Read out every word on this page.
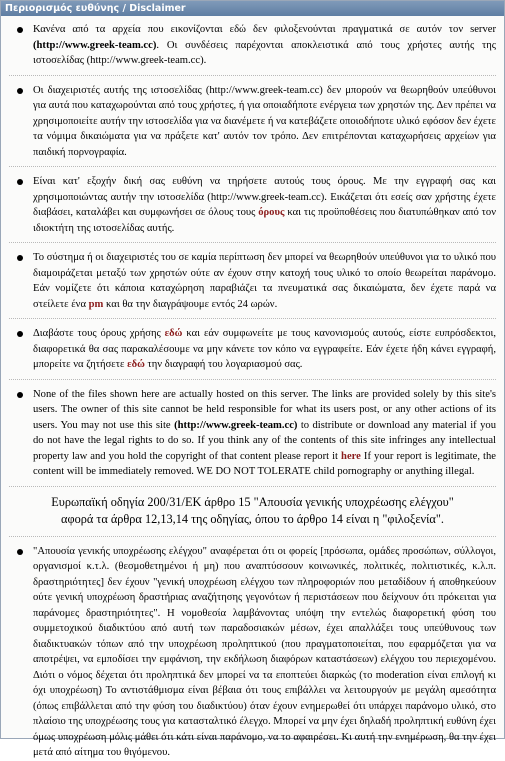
Περιορισμός ευθύνης / Disclaimer
Κανένα από τα αρχεία που εικονίζονται εδώ δεν φιλοξενούνται πραγματικά σε αυτόν τον server (http://www.greek-team.cc). Οι συνδέσεις παρέχονται αποκλειστικά από τους χρήστες αυτής της ιστοσελίδας (http://www.greek-team.cc).
Οι διαχειριστές αυτής της ιστοσελίδας (http://www.greek-team.cc) δεν μπορούν να θεωρηθούν υπεύθυνοι για αυτά που καταχωρούνται από τους χρήστες, ή για οποιαδήποτε ενέργεια των χρηστών της. Δεν πρέπει να χρησιμοποιείτε αυτήν την ιστοσελίδα για να διανέμετε ή να κατεβάζετε οποιοδήποτε υλικό εφόσον δεν έχετε τα νόμιμα δικαιώματα για να πράξετε κατ' αυτόν τον τρόπο. Δεν επιτρέπονται καταχωρήσεις αρχείων για παιδική πορνογραφία.
Είναι κατ' εξοχήν δική σας ευθύνη να τηρήσετε αυτούς τους όρους. Με την εγγραφή σας και χρησιμοποιώντας αυτήν την ιστοσελίδα (http://www.greek-team.cc). Εικάζεται ότι εσείς σαν χρήστης έχετε διαβάσει, καταλάβει και συμφωνήσει σε όλους τους όρους και τις προϋποθέσεις που διατυπώθηκαν από τον ιδιοκτήτη της ιστοσελίδας αυτής.
Το σύστημα ή οι διαχειριστές του σε καμία περίπτωση δεν μπορεί να θεωρηθούν υπεύθυνοι για το υλικό που διαμοιράζεται μεταξύ των χρηστών ούτε αν έχουν στην κατοχή τους υλικό το οποίο θεωρείται παράνομο. Εάν νομίζετε ότι κάποια καταχώρηση παραβιάζει τα πνευματικά σας δικαιώματα, δεν έχετε παρά να στείλετε ένα pm και θα την διαγράψουμε εντός 24 ωρών.
Διαβάστε τους όρους χρήσης εδώ και εάν συμφωνείτε με τους κανονισμούς αυτούς, είστε ευπρόσδεκτοι, διαφορετικά θα σας παρακαλέσουμε να μην κάνετε τον κόπο να εγγραφείτε. Εάν έχετε ήδη κάνει εγγραφή, μπορείτε να ζητήσετε εδώ την διαγραφή του λογαριασμού σας.
None of the files shown here are actually hosted on this server. The links are provided solely by this site's users. The owner of this site cannot be held responsible for what its users post, or any other actions of its users. You may not use this site (http://www.greek-team.cc) to distribute or download any material if you do not have the legal rights to do so. If you think any of the contents of this site infringes any intellectual property law and you hold the copyright of that content please report it here If your report is legitimate, the content will be immediately removed. WE DO NOT TOLERATE child pornography or anything illegal.
Ευρωπαϊκή οδηγία 200/31/ΕΚ άρθρο 15 "Απουσία γενικής υποχρέωσης ελέγχου"
αφορά τα άρθρα 12,13,14 της οδηγίας, όπου το άρθρο 14 είναι η "φιλοξενία".
"Απουσία γενικής υποχρέωσης ελέγχου" αναφέρεται ότι οι φορείς [πρόσωπα, ομάδες προσώπων, σύλλογοι, οργανισμοί κ.τ.λ. (θεσμοθετημένοι ή μη) που αναπτύσσουν κοινωνικές, πολιτικές, πολιτιστικές, κ.λ.π. δραστηριότητες] δεν έχουν "γενική υποχρέωση ελέγχου των πληροφοριών που μεταδίδουν ή αποθηκεύουν ούτε γενική υποχρέωση δραστήριας αναζήτησης γεγονότων ή περιστάσεων που δείχνουν ότι πρόκειται για παράνομες δραστηριότητες". Η νομοθεσία λαμβάνοντας υπόψη την εντελώς διαφορετική φύση του συμμετοχικού διαδικτύου από αυτή των παραδοσιακών μέσων, έχει απαλλάξει τους υπεύθυνους των διαδικτυακών τόπων από την υποχρέωση προληπτικού (που πραγματοποιείται, που εφαρμόζεται για να αποτρέψει, να εμποδίσει την εμφάνιση, την εκδήλωση διαφόρων καταστάσεων) ελέγχου του περιεχομένου. Διότι ο νόμος δέχεται ότι προληπτικά δεν μπορεί να τα εποπτεύει διαρκώς (το moderation είναι επιλογή κι όχι υποχρέωση) Το αντιστάθμισμα είναι βέβαια ότι τους επιβάλλει να λειτουργούν με μεγάλη αμεσότητα (όπως επιβάλλεται από την φύση του διαδικτύου) όταν έχουν ενημερωθεί ότι υπάρχει παράνομο υλικό, στο πλαίσιο της υποχρέωσης τους για κατασταλτικό έλεγχο. Μπορεί να μην έχει δηλαδή προληπτική ευθύνη έχει όμως υποχρέωση μόλις μάθει ότι κάτι είναι παράνομο, να το αφαιρέσει. Κι αυτή την ενημέρωση, θα την έχει μετά από αίτημα του θιγόμενου.
